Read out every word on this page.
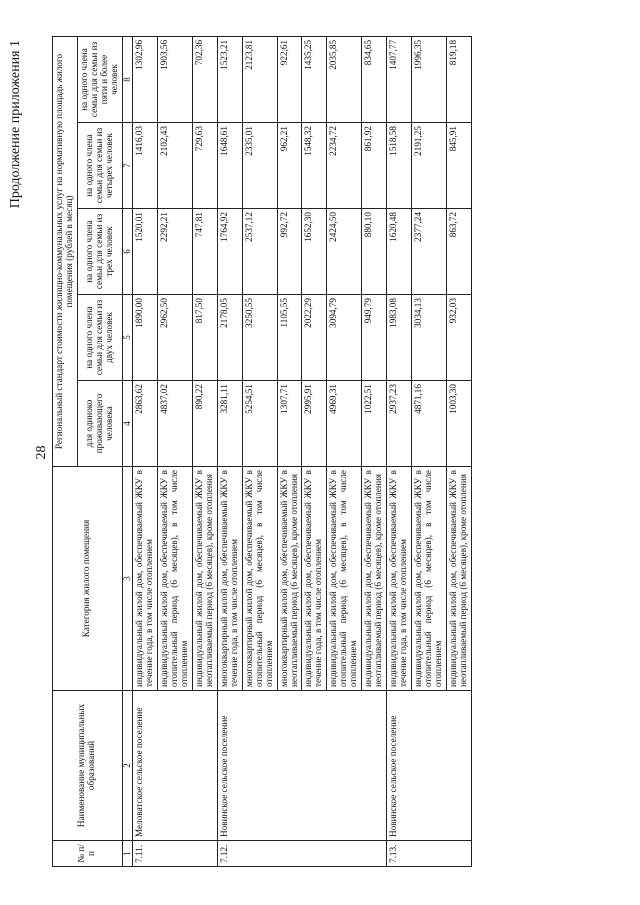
Продолжение приложения 1
28
№ п/п	Наименование муниципальных образований	Категория жилого помещения	Региональный стандарт стоимости жилищно-коммунальных услуг на нормативную площадь жилого помещения (рублей в месяц)				
			для одиноко проживающего человека	на одного члена семьи для семьи из двух человек	на одного члена семьи для семьи из трех человек	на одного члена семьи для семьи из четырех человек	на одного члена семьи для семьи из пяти и более человек
1	2	3	4	5	6	7	8
7.11.	Меловатское сельское поселение	индивидуальный жилой дом, обеспечиваемый ЖКУ в течение года, в том числе отоплением	2863,62	1890,00	1520,01	1416,03	1302,96
		индивидуальный жилой дом, обеспечиваемый ЖКУ в отопительный период (6 месяцев), в том числе отоплением	4837,02	2962,50	2292,21	2102,43	1903,56
		индивидуальный жилой дом, обеспечиваемый ЖКУ в неотапливаемый период (6 месяцев), кроме отопления	890,22	817,50	747,81	729,63	702,36
7.12.	Новинское сельское поселение	многоквартирный жилой дом, обеспечиваемый ЖКУ в течение года, в том числе отоплением	3281,11	2178,05	1764,92	1648,61	1523,21
		многоквартирный жилой дом, обеспечиваемый ЖКУ в отопительный период (6 месяцев), в том числе отоплением	5254,51	3250,55	2537,12	2335,01	2123,81
		многоквартирный жилой дом, обеспечиваемый ЖКУ в неотапливаемый период (6 месяцев), кроме отопления	1307,71	1105,55	992,72	962,21	922,61
		индивидуальный жилой дом, обеспечиваемый ЖКУ в течение года, в том числе отоплением	2995,91	2022,29	1652,30	1548,32	1435,25
		индивидуальный жилой дом, обеспечиваемый ЖКУ в отопительный период (6 месяцев), в том числе отоплением	4969,31	3094,79	2424,50	2234,72	2035,85
		индивидуальный жилой дом, обеспечиваемый ЖКУ в неотапливаемый период (6 месяцев), кроме отопления	1022,51	949,79	880,10	861,92	834,65
7.13.	Новинское сельское поселение	индивидуальный жилой дом, обеспечиваемый ЖКУ в течение года, в том числе отоплением	2937,23	1983,08	1620,48	1518,58	1407,77
		индивидуальный жилой дом, обеспечиваемый ЖКУ в отопительный период (6 месяцев), в том числе отоплением	4871,16	3034,13	2377,24	2191,25	1996,35
		индивидуальный жилой дом, обеспечиваемый ЖКУ в неотапливаемый период (6 месяцев), кроме отопления	1003,30	932,03	863,72	845,91	819,18
